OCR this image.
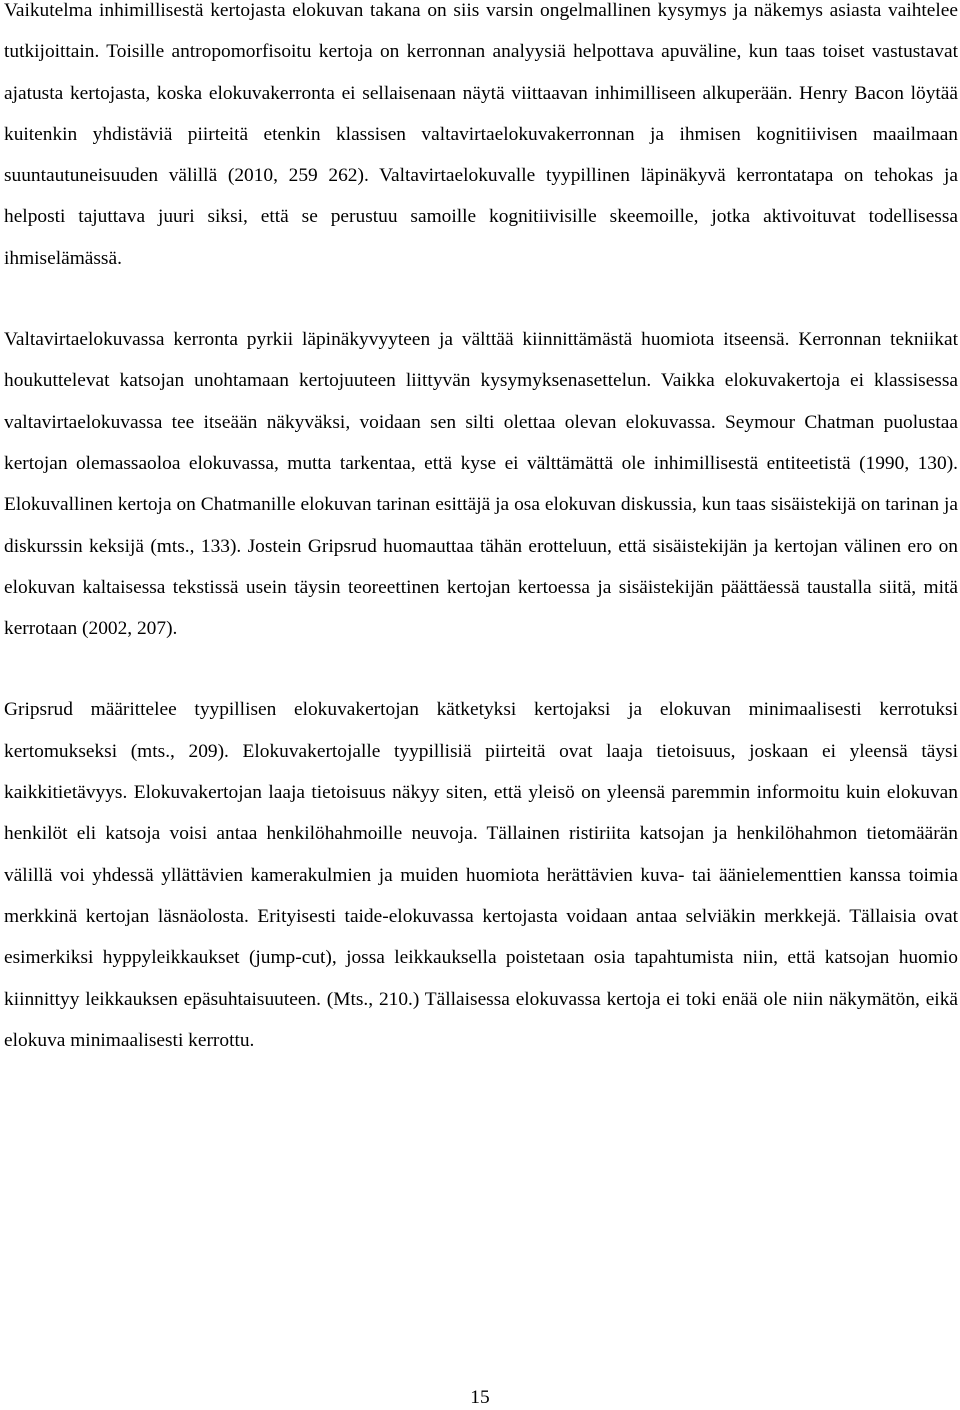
Vaikutelma inhimillisestä kertojasta elokuvan takana on siis varsin ongelmallinen kysymys ja näkemys asiasta vaihtelee tutkijoittain. Toisille antropomorfisoitu kertoja on kerronnan analyysiä helpottava apuväline, kun taas toiset vastustavat ajatusta kertojasta, koska elokuvakerronta ei sellaisenaan näytä viittaavan inhimilliseen alkuperään. Henry Bacon löytää kuitenkin yhdistäviä piirteitä etenkin klassisen valtavirtaelokuvakerronnan ja ihmisen kognitiivisen maailmaan suuntautuneisuuden välillä (2010, 259 262). Valtavirtaelokuvalle tyypillinen läpinäkyvä kerrontatapa on tehokas ja helposti tajuttava juuri siksi, että se perustuu samoille kognitiivisille skeemoille, jotka aktivoituvat todellisessa ihmiselämässä.

Valtavirtaelokuvassa kerronta pyrkii läpinäkyvyyteen ja välttää kiinnittämästä huomiota itseensä. Kerronnan tekniikat houkuttelevat katsojan unohtamaan kertojuuteen liittyvän kysymyksenasettelun. Vaikka elokuvakertoja ei klassisessa valtavirtaelokuvassa tee itseään näkyväksi, voidaan sen silti olettaa olevan elokuvassa. Seymour Chatman puolustaa kertojan olemassaoloa elokuvassa, mutta tarkentaa, että kyse ei välttämättä ole inhimillisestä entiteetistä (1990, 130). Elokuvallinen kertoja on Chatmanille elokuvan tarinan esittäjä ja osa elokuvan diskussia, kun taas sisäistekijä on tarinan ja diskurssin keksijä (mts., 133). Jostein Gripsrud huomauttaa tähän erotteluun, että sisäistekijän ja kertojan välinen ero on elokuvan kaltaisessa tekstissä usein täysin teoreettinen kertojan kertoessa ja sisäistekijän päättäessä taustalla siitä, mitä kerrotaan (2002, 207).

Gripsrud määrittelee tyypillisen elokuvakertojan kätketyksi kertojaksi ja elokuvan minimaalisesti kerrotuksi kertomukseksi (mts., 209). Elokuvakertojalle tyypillisiä piirteitä ovat laaja tietoisuus, joskaan ei yleensä täysi kaikkitietävyys. Elokuvakertojan laaja tietoisuus näkyy siten, että yleisö on yleensä paremmin informoitu kuin elokuvan henkilöt eli katsoja voisi antaa henkilöhahmoille neuvoja. Tällainen ristiriita katsojan ja henkilöhahmon tietomäärän välillä voi yhdessä yllättävien kamerakulmien ja muiden huomiota herättävien kuva- tai äänielementtien kanssa toimia merkkinä kertojan läsnäolosta. Erityisesti taide-elokuvassa kertojasta voidaan antaa selviäkin merkkejä. Tällaisia ovat esimerkiksi hyppyleikkaukset (jump-cut), jossa leikkauksella poistetaan osia tapahtumista niin, että katsojan huomio kiinnittyy leikkauksen epäsuhtaisuuteen. (Mts., 210.) Tällaisessa elokuvassa kertoja ei toki enää ole niin näkymätön, eikä elokuva minimaalisesti kerrottu.

15
